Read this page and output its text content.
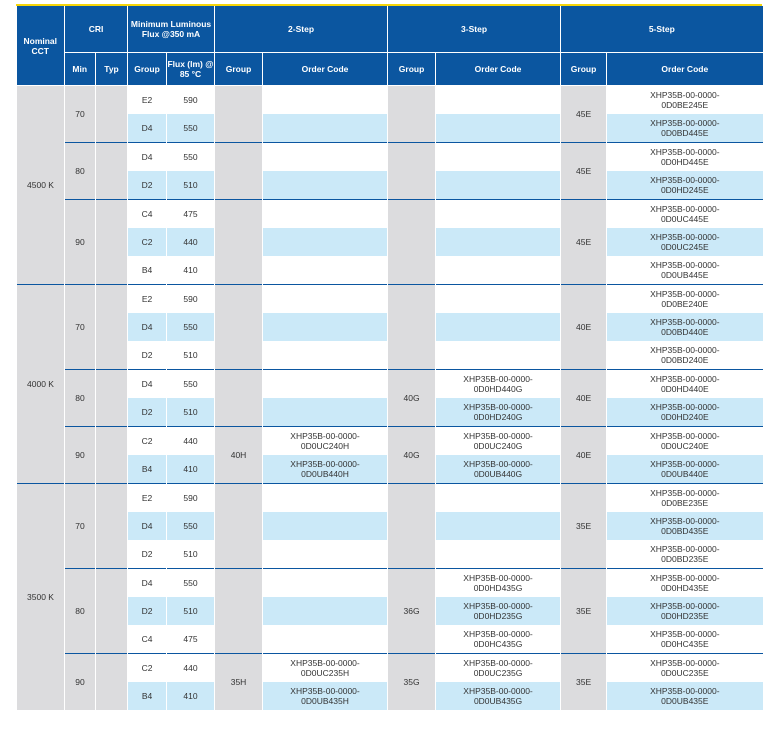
Nominal CCT	CRI		Minimum Luminous Flux @350 mA		2-Step		3-Step		5-Step	
	Min	Typ	Group	Flux (lm) @ 85 °C	Group	Order Code	Group	Order Code	Group	Order Code
4500 K	70		E2	590					45E	XHP35B-00-0000-
0D0BE245E
			D4	550						XHP35B-00-0000-
0D0BD445E
	80		D4	550					45E	XHP35B-00-0000-
0D0HD445E
			D2	510						XHP35B-00-0000-
0D0HD245E
	90		C4	475					45E	XHP35B-00-0000-
0D0UC445E
			C2	440						XHP35B-00-0000-
0D0UC245E
			B4	410						XHP35B-00-0000-
0D0UB445E
4000 K	70		E2	590					40E	XHP35B-00-0000-
0D0BE240E
			D4	550						XHP35B-00-0000-
0D0BD440E
			D2	510						XHP35B-00-0000-
0D0BD240E
	80		D4	550			40G	XHP35B-00-0000-
0D0HD440G	40E	XHP35B-00-0000-
0D0HD440E
			D2	510				XHP35B-00-0000-
0D0HD240G		XHP35B-00-0000-
0D0HD240E
	90		C2	440	40H	XHP35B-00-0000-
0D0UC240H	40G	XHP35B-00-0000-
0D0UC240G	40E	XHP35B-00-0000-
0D0UC240E
			B4	410		XHP35B-00-0000-
0D0UB440H		XHP35B-00-0000-
0D0UB440G		XHP35B-00-0000-
0D0UB440E
3500 K	70		E2	590					35E	XHP35B-00-0000-
0D0BE235E
			D4	550						XHP35B-00-0000-
0D0BD435E
			D2	510						XHP35B-00-0000-
0D0BD235E
	80		D4	550			36G	XHP35B-00-0000-
0D0HD435G	35E	XHP35B-00-0000-
0D0HD435E
			D2	510				XHP35B-00-0000-
0D0HD235G		XHP35B-00-0000-
0D0HD235E
			C4	475				XHP35B-00-0000-
0D0HC435G		XHP35B-00-0000-
0D0HC435E
	90		C2	440	35H	XHP35B-00-0000-
0D0UC235H	35G	XHP35B-00-0000-
0D0UC235G	35E	XHP35B-00-0000-
0D0UC235E
			B4	410		XHP35B-00-0000-
0D0UB435H		XHP35B-00-0000-
0D0UB435G		XHP35B-00-0000-
0D0UB435E
